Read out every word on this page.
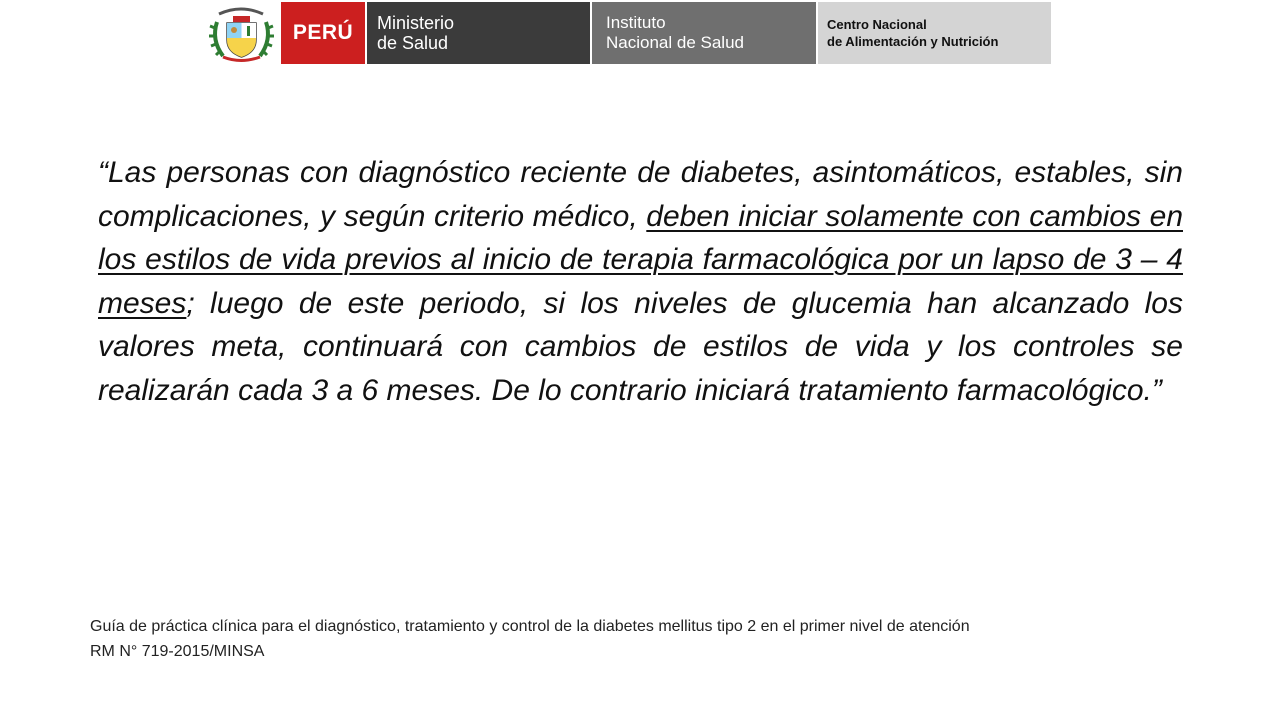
PERÚ	Ministerio
de Salud
Instituto
Nacional de Salud
Centro Nacional
de Alimentación y Nutrición

“Las personas con diagnóstico reciente de diabetes, asintomáticos, estables, sin complicaciones, y según criterio médico, deben iniciar solamente con cambios en los estilos de vida previos al inicio de terapia farmacológica por un lapso de 3 – 4 meses; luego de este periodo, si los niveles de glucemia han alcanzado los valores meta, continuará con cambios de estilos de vida y los controles se realizarán cada 3 a 6 meses. De lo contrario iniciará tratamiento farmacológico.”

Guía de práctica clínica para el diagnóstico, tratamiento y control de la diabetes mellitus tipo 2 en el primer nivel de atención
RM N° 719-2015/MINSA
